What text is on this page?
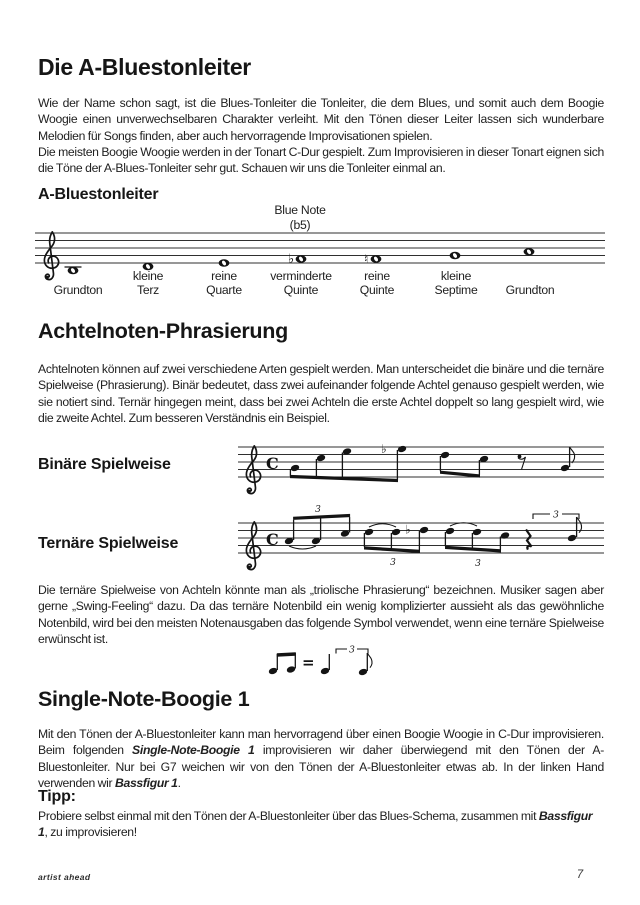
Die A-Bluestonleiter
Wie der Name schon sagt, ist die Blues-Tonleiter die Tonleiter, die dem Blues, und somit auch dem Boogie Woogie einen unverwechselbaren Charakter verleiht. Mit den Tönen dieser Leiter lassen sich wunderbare Melodien für Songs finden, aber auch hervorragende Improvisationen spielen.
Die meisten Boogie Woogie werden in der Tonart C-Dur gespielt. Zum Improvisieren in dieser Tonart eignen sich die Töne der A-Blues-Tonleiter sehr gut. Schauen wir uns die Tonleiter einmal an.
A-Bluestonleiter
Blue Note
(b5)
♭	♮
Grundton
kleine
Terz
reine
Quarte
verminderte
Quinte
reine
Quinte
kleine
Septime Grundton
Achtelnoten-Phrasierung
Achtelnoten können auf zwei verschiedene Arten gespielt werden. Man unterscheidet die binäre und die ternäre Spielweise (Phrasierung). Binär bedeutet, dass zwei aufeinander folgende Achtel genauso gespielt werden, wie sie notiert sind. Ternär hingegen meint, dass bei zwei Achteln die erste Achtel doppelt so lang gespielt wird, wie die zweite Achtel. Zum besseren Verständnis ein Beispiel.
Binäre Spielweise	C
♭
Ternäre Spielweise	C
3
♭
3	3
3
Die ternäre Spielweise von Achteln könnte man als „triolische Phrasierung“ bezeichnen. Musiker sagen aber gerne „Swing-Feeling“ dazu. Da das ternäre Notenbild ein wenig komplizierter aussieht als das gewöhnliche Notenbild, wird bei den meisten Notenausgaben das folgende Symbol verwendet, wenn eine ternäre Spielweise erwünscht ist.
=
3
Single-Note-Boogie 1
Mit den Tönen der A-Bluestonleiter kann man hervorragend über einen Boogie Woogie in C-Dur improvisieren. Beim folgenden Single-Note-Boogie 1 improvisieren wir daher überwiegend mit den Tönen der A-Bluestonleiter. Nur bei G7 weichen wir von den Tönen der A-Bluestonleiter etwas ab. In der linken Hand verwenden wir Bassfigur 1.
Tipp:
Probiere selbst einmal mit den Tönen der A-Bluestonleiter über das Blues-Schema, zusammen mit Bassfigur 1, zu improvisieren!
artist ahead	7
